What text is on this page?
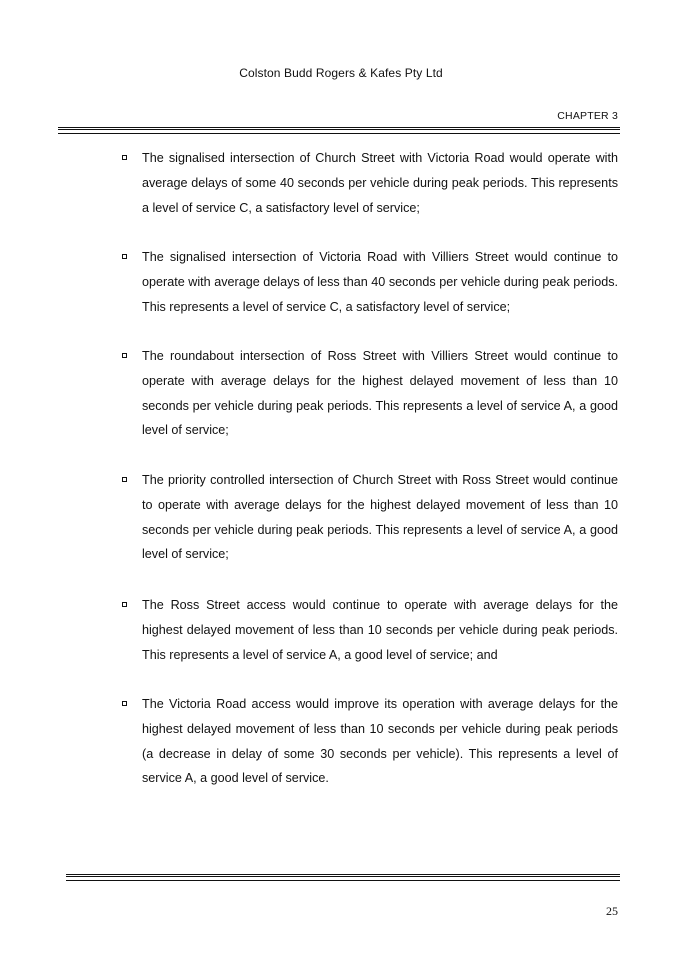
Colston Budd Rogers & Kafes Pty Ltd
CHAPTER 3

The signalised intersection of Church Street with Victoria Road would operate with average delays of some 40 seconds per vehicle during peak periods. This represents a level of service C, a satisfactory level of service;

The signalised intersection of Victoria Road with Villiers Street would continue to operate with average delays of less than 40 seconds per vehicle during peak periods. This represents a level of service C, a satisfactory level of service;

The roundabout intersection of Ross Street with Villiers Street would continue to operate with average delays for the highest delayed movement of less than 10 seconds per vehicle during peak periods. This represents a level of service A, a good level of service;

The priority controlled intersection of Church Street with Ross Street would continue to operate with average delays for the highest delayed movement of less than 10 seconds per vehicle during peak periods. This represents a level of service A, a good level of service;

The Ross Street access would continue to operate with average delays for the highest delayed movement of less than 10 seconds per vehicle during peak periods. This represents a level of service A, a good level of service; and

The Victoria Road access would improve its operation with average delays for the highest delayed movement of less than 10 seconds per vehicle during peak periods (a decrease in delay of some 30 seconds per vehicle). This represents a level of service A, a good level of service.

25
